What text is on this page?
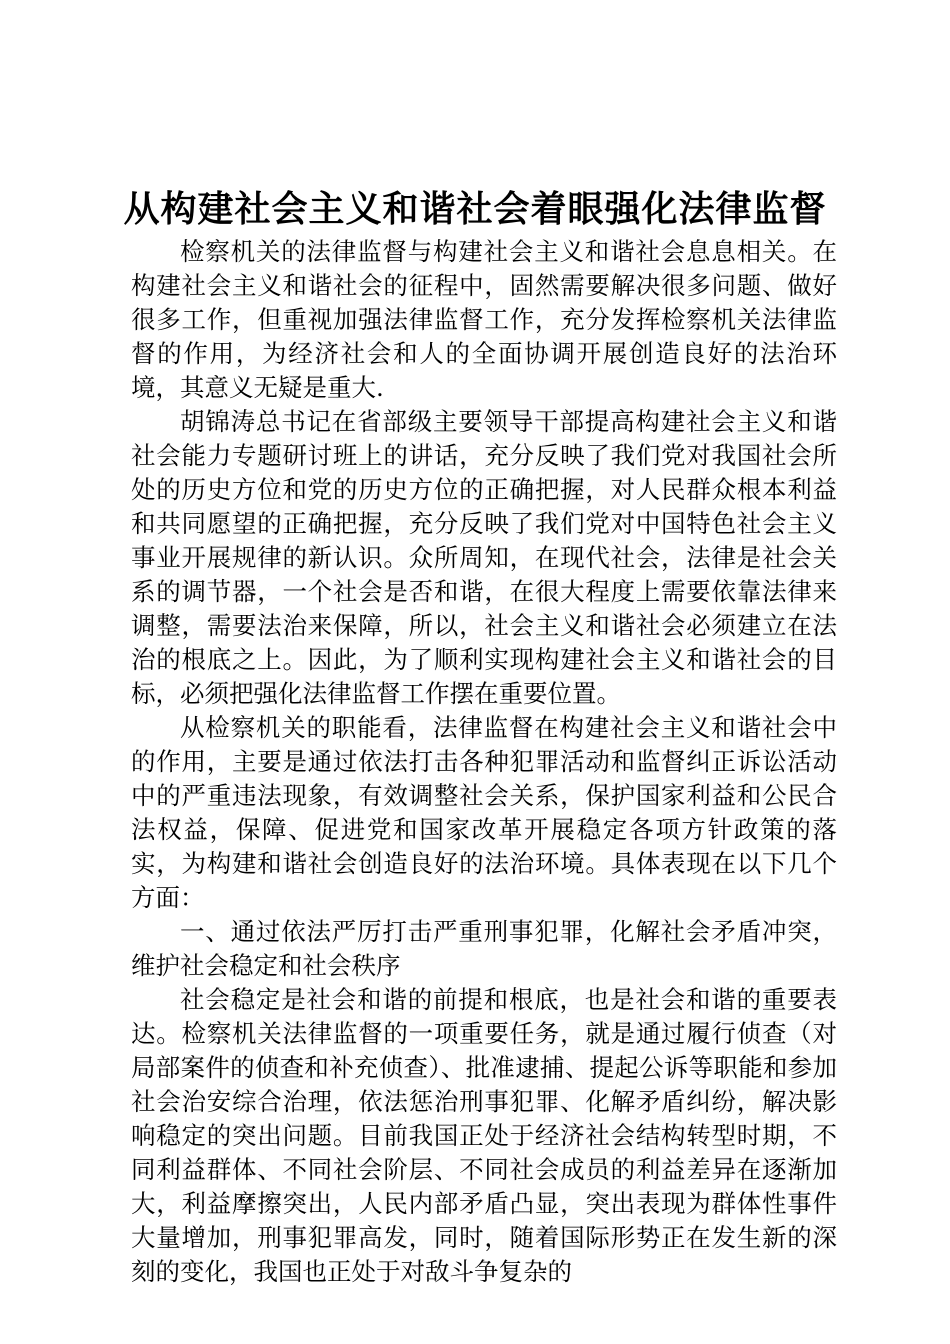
从构建社会主义和谐社会着眼强化法律监督

检察机关的法律监督与构建社会主义和谐社会息息相关。在构建社会主义和谐社会的征程中，固然需要解决很多问题、做好很多工作，但重视加强法律监督工作，充分发挥检察机关法律监督的作用，为经济社会和人的全面协调开展创造良好的法治环境，其意义无疑是重大.

胡锦涛总书记在省部级主要领导干部提高构建社会主义和谐社会能力专题研讨班上的讲话，充分反映了我们党对我国社会所处的历史方位和党的历史方位的正确把握，对人民群众根本利益和共同愿望的正确把握，充分反映了我们党对中国特色社会主义事业开展规律的新认识。众所周知，在现代社会，法律是社会关系的调节器，一个社会是否和谐，在很大程度上需要依靠法律来调整，需要法治来保障，所以，社会主义和谐社会必须建立在法治的根底之上。因此，为了顺利实现构建社会主义和谐社会的目标，必须把强化法律监督工作摆在重要位置。

从检察机关的职能看，法律监督在构建社会主义和谐社会中的作用，主要是通过依法打击各种犯罪活动和监督纠正诉讼活动中的严重违法现象，有效调整社会关系，保护国家利益和公民合法权益，保障、促进党和国家改革开展稳定各项方针政策的落实，为构建和谐社会创造良好的法治环境。具体表现在以下几个方面：

一、通过依法严厉打击严重刑事犯罪，化解社会矛盾冲突，维护社会稳定和社会秩序

社会稳定是社会和谐的前提和根底，也是社会和谐的重要表达。检察机关法律监督的一项重要任务，就是通过履行侦查（对局部案件的侦查和补充侦查）、批准逮捕、提起公诉等职能和参加社会治安综合治理，依法惩治刑事犯罪、化解矛盾纠纷，解决影响稳定的突出问题。目前我国正处于经济社会结构转型时期，不同利益群体、不同社会阶层、不同社会成员的利益差异在逐渐加大，利益摩擦突出，人民内部矛盾凸显，突出表现为群体性事件大量增加，刑事犯罪高发，同时，随着国际形势正在发生新的深刻的变化，我国也正处于对敌斗争复杂的
